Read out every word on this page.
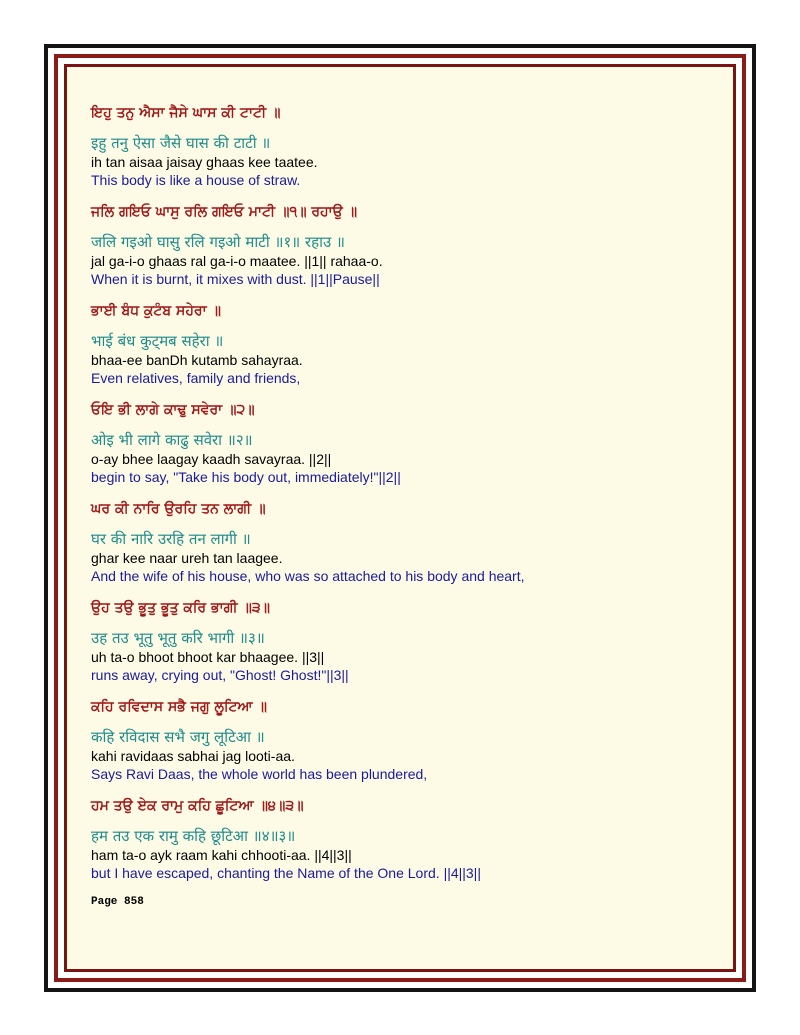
ਇਹੁ ਤਨੁ ਐਸਾ ਜੈਸੇ ਘਾਸ ਕੀ ਟਾਟੀ ॥
इहु तनु ऐसा जैसे घास की टाटी ॥
ih tan aisaa jaisay ghaas kee taatee.
This body is like a house of straw.
ਜਲਿ ਗਇਓ ਘਾਸੁ ਰਲਿ ਗਇਓ ਮਾਟੀ ॥੧॥ ਰਹਾਉ ॥
जलि गइओ घासु रलि गइओ माटी ॥१॥ रहाउ ॥
jal ga-i-o ghaas ral ga-i-o maatee. ||1|| rahaa-o.
When it is burnt, it mixes with dust. ||1||Pause||
ਭਾਈ ਬੰਧ ਕੁਟੰਬ ਸਹੇਰਾ ॥
भाई बंध कुट्मब सहेरा ॥
bhaa-ee banDh kutamb sahayraa.
Even relatives, family and friends,
ਓਇ ਭੀ ਲਾਗੇ ਕਾਢੁ ਸਵੇਰਾ ॥੨॥
ओइ भी लागे काढु सवेरा ॥२॥
o-ay bhee laagay kaadh savayraa. ||2||
begin to say, "Take his body out, immediately!"||2||
ਘਰ ਕੀ ਨਾਰਿ ਉਰਹਿ ਤਨ ਲਾਗੀ ॥
घर की नारि उरहि तन लागी ॥
ghar kee naar ureh tan laagee.
And the wife of his house, who was so attached to his body and heart,
ਉਹ ਤਉ ਭੂਤੁ ਭੂਤੁ ਕਰਿ ਭਾਗੀ ॥੩॥
उह तउ भूतु भूतु करि भागी ॥३॥
uh ta-o bhoot bhoot kar bhaagee. ||3||
runs away, crying out, "Ghost! Ghost!"||3||
ਕਹਿ ਰਵਿਦਾਸ ਸਭੈ ਜਗੁ ਲੂਟਿਆ ॥
कहि रविदास सभै जगु लूटिआ ॥
kahi ravidaas sabhai jag looti-aa.
Says Ravi Daas, the whole world has been plundered,
ਹਮ ਤਉ ਏਕ ਰਾਮੁ ਕਹਿ ਛੂਟਿਆ ॥੪॥੩॥
हम तउ एक रामु कहि छूटिआ ॥४॥३॥
ham ta-o ayk raam kahi chhooti-aa. ||4||3||
but I have escaped, chanting the Name of the One Lord. ||4||3||
Page 858
